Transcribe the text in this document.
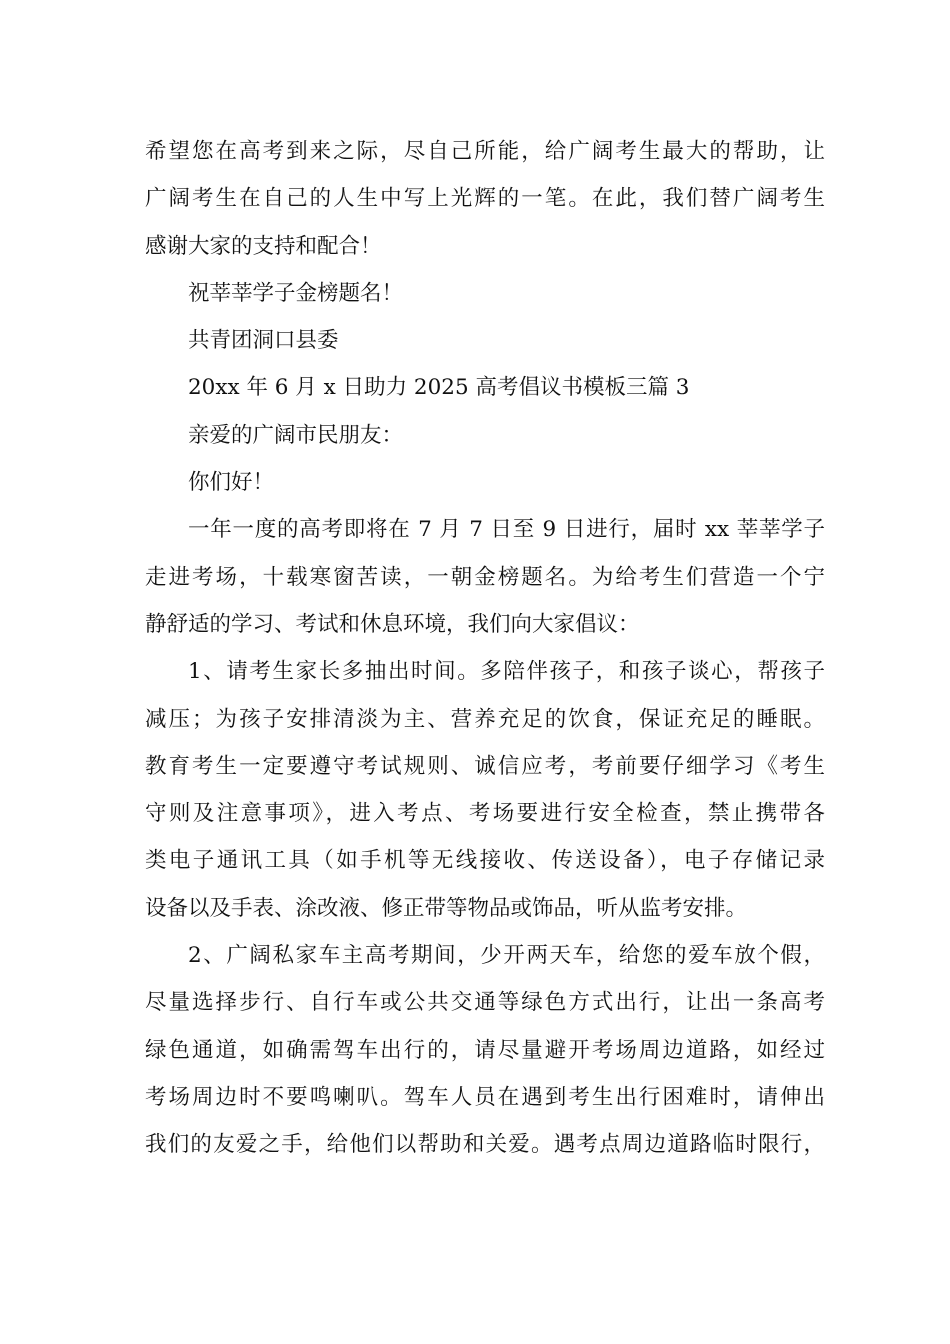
希望您在高考到来之际，尽自己所能，给广阔考生最大的帮助，让
广阔考生在自己的人生中写上光辉的一笔。在此，我们替广阔考生
感谢大家的支持和配合！

祝莘莘学子金榜题名！

共青团洞口县委

20xx 年 6 月 x 日助力 2025 高考倡议书模板三篇 3

亲爱的广阔市民朋友：

你们好！

一年一度的高考即将在 7 月 7 日至 9 日进行，届时 xx 莘莘学子
走进考场，十载寒窗苦读，一朝金榜题名。为给考生们营造一个宁
静舒适的学习、考试和休息环境，我们向大家倡议：

1、请考生家长多抽出时间。多陪伴孩子，和孩子谈心，帮孩子
减压；为孩子安排清淡为主、营养充足的饮食，保证充足的睡眠。
教育考生一定要遵守考试规则、诚信应考，考前要仔细学习《考生
守则及注意事项》，进入考点、考场要进行安全检查，禁止携带各
类电子通讯工具（如手机等无线接收、传送设备），电子存储记录
设备以及手表、涂改液、修正带等物品或饰品，听从监考安排。

2、广阔私家车主高考期间，少开两天车，给您的爱车放个假，
尽量选择步行、自行车或公共交通等绿色方式出行，让出一条高考
绿色通道，如确需驾车出行的，请尽量避开考场周边道路，如经过
考场周边时不要鸣喇叭。驾车人员在遇到考生出行困难时，请伸出
我们的友爱之手，给他们以帮助和关爱。遇考点周边道路临时限行，
